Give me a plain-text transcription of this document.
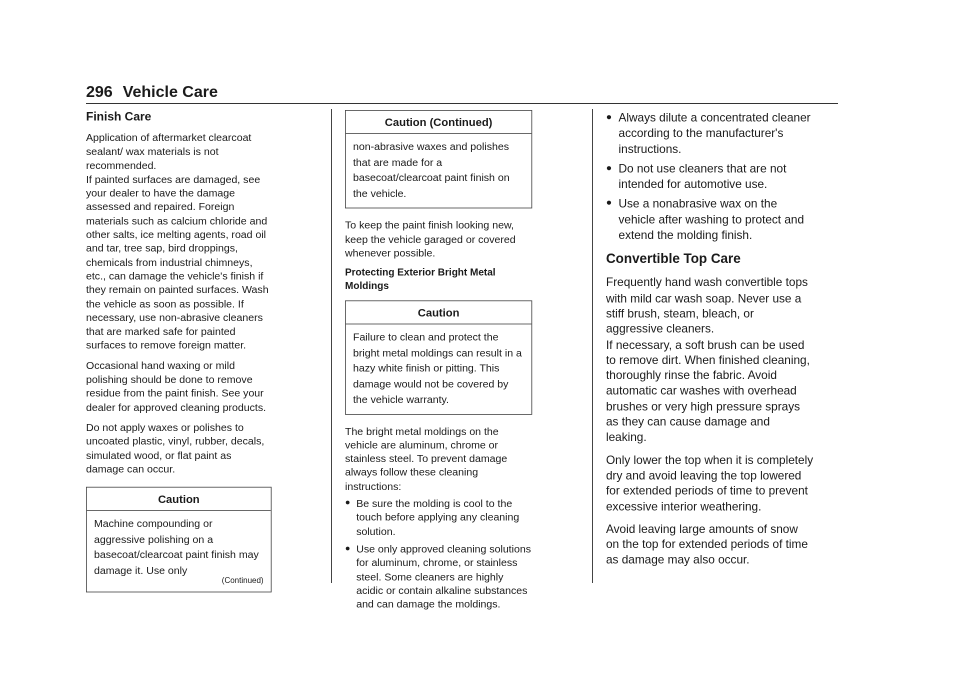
296 Vehicle Care
Finish Care

Application of aftermarket clearcoat sealant/ wax materials is not recommended.

If painted surfaces are damaged, see your dealer to have the damage assessed and repaired. Foreign materials such as calcium chloride and other salts, ice melting agents, road oil and tar, tree sap, bird droppings, chemicals from industrial chimneys, etc., can damage the vehicle's finish if they remain on painted surfaces. Wash the vehicle as soon as possible. If necessary, use non-abrasive cleaners that are marked safe for painted surfaces to remove foreign matter.

Occasional hand waxing or mild polishing should be done to remove residue from the paint finish. See your dealer for approved cleaning products.

Do not apply waxes or polishes to uncoated plastic, vinyl, rubber, decals, simulated wood, or flat paint as damage can occur.

Caution
Machine compounding or aggressive polishing on a basecoat/clearcoat paint finish may damage it. Use only
(Continued)
Caution (Continued)
non-abrasive waxes and polishes that are made for a basecoat/clearcoat paint finish on the vehicle.

To keep the paint finish looking new, keep the vehicle garaged or covered whenever possible.

Protecting Exterior Bright Metal Moldings
Caution
Failure to clean and protect the bright metal moldings can result in a hazy white finish or pitting. This damage would not be covered by the vehicle warranty.

The bright metal moldings on the vehicle are aluminum, chrome or stainless steel. To prevent damage always follow these cleaning instructions:

● Be sure the molding is cool to the touch before applying any cleaning solution.
● Use only approved cleaning solutions for aluminum, chrome, or stainless steel. Some cleaners are highly acidic or contain alkaline substances and can damage the moldings.
● Always dilute a concentrated cleaner according to the manufacturer's instructions.
● Do not use cleaners that are not intended for automotive use.
● Use a nonabrasive wax on the vehicle after washing to protect and extend the molding finish.
Convertible Top Care

Frequently hand wash convertible tops with mild car wash soap. Never use a stiff brush, steam, bleach, or aggressive cleaners.

If necessary, a soft brush can be used to remove dirt. When finished cleaning, thoroughly rinse the fabric. Avoid automatic car washes with overhead brushes or very high pressure sprays as they can cause damage and leaking.

Only lower the top when it is completely dry and avoid leaving the top lowered for extended periods of time to prevent excessive interior weathering.

Avoid leaving large amounts of snow on the top for extended periods of time as damage may also occur.
